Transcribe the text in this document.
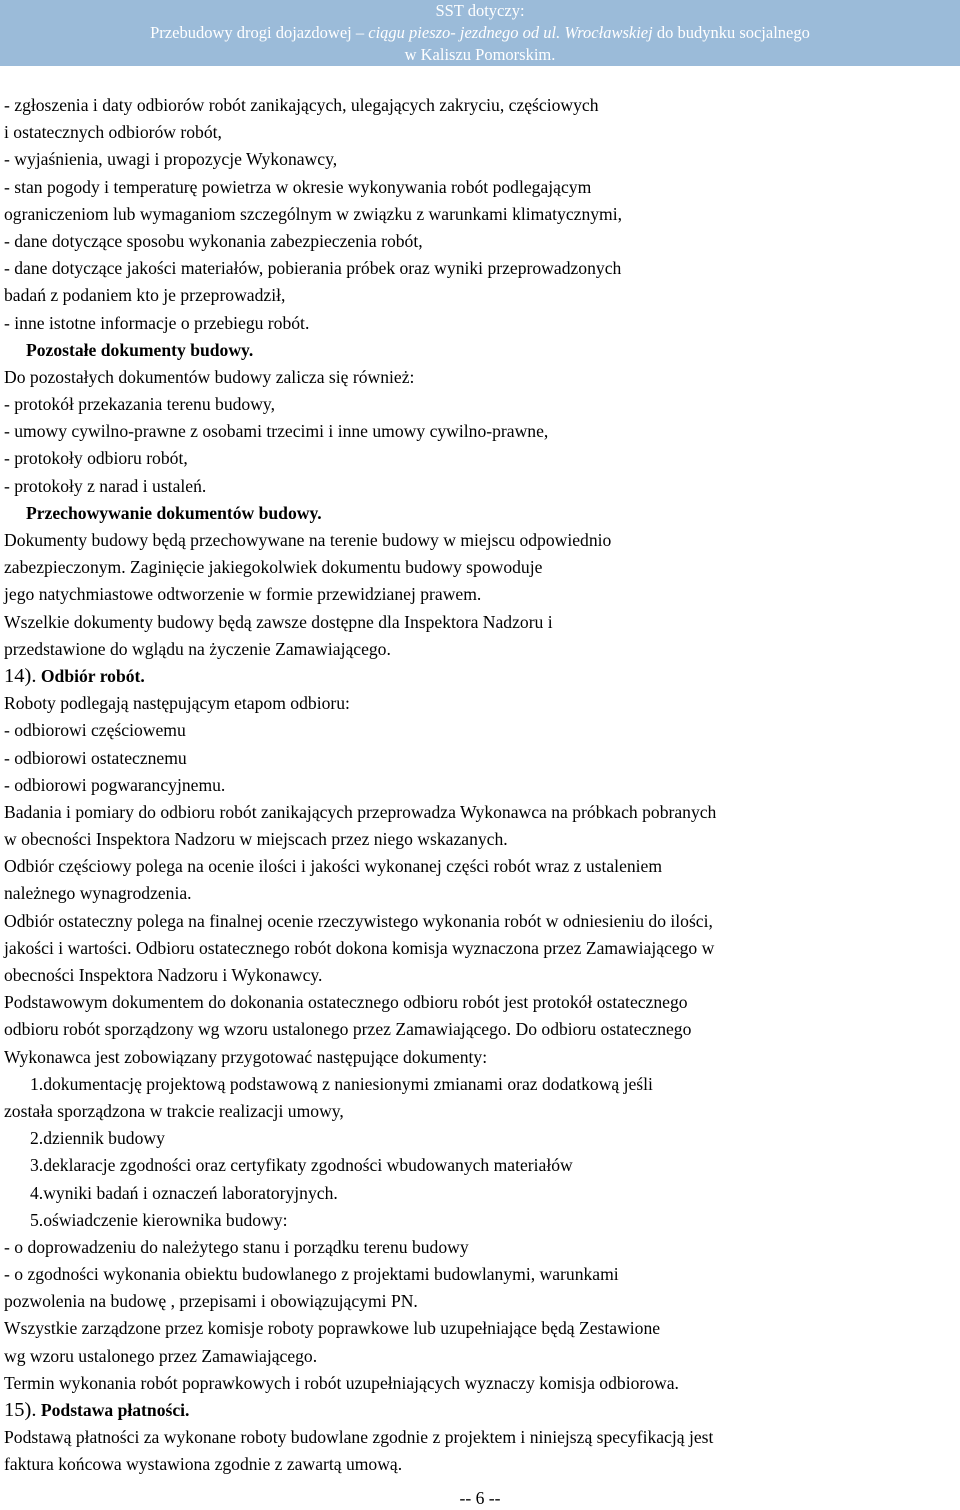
SST dotyczy:
Przebudowy drogi dojazdowej – ciągu pieszo- jezdnego od ul. Wrocławskiej do budynku socjalnego
w Kaliszu Pomorskim.
- zgłoszenia i daty odbiorów robót zanikających, ulegających zakryciu, częściowych
i ostatecznych odbiorów robót,
- wyjaśnienia, uwagi i propozycje Wykonawcy,
- stan pogody i temperaturę powietrza w okresie wykonywania robót podlegającym
ograniczeniom lub wymaganiom szczególnym w związku z warunkami klimatycznymi,
- dane dotyczące sposobu wykonania zabezpieczenia robót,
- dane dotyczące jakości materiałów, pobierania próbek oraz wyniki przeprowadzonych
badań z podaniem kto je przeprowadził,
- inne istotne informacje o przebiegu robót.
Pozostałe dokumenty budowy.
Do pozostałych dokumentów budowy zalicza się również:
- protokół przekazania terenu budowy,
- umowy cywilno-prawne z osobami trzecimi i inne umowy cywilno-prawne,
- protokoły odbioru robót,
- protokoły z narad i ustaleń.
Przechowywanie dokumentów budowy.
Dokumenty budowy będą przechowywane na terenie budowy w miejscu odpowiednio
zabezpieczonym. Zaginięcie jakiegokolwiek dokumentu budowy spowoduje
jego natychmiastowe odtworzenie w formie przewidzianej prawem.
Wszelkie dokumenty budowy będą zawsze dostępne dla Inspektora Nadzoru i
przedstawione do wglądu na życzenie Zamawiającego.
14). Odbiór robót.
Roboty podlegają następującym etapom odbioru:
- odbiorowi częściowemu
- odbiorowi ostatecznemu
- odbiorowi pogwarancyjnemu.
Badania i pomiary do odbioru robót zanikających przeprowadza Wykonawca na próbkach pobranych
w obecności Inspektora Nadzoru w miejscach przez niego wskazanych.
Odbiór częściowy polega na ocenie ilości i jakości wykonanej części robót wraz z ustaleniem
należnego wynagrodzenia.
Odbiór ostateczny polega na finalnej ocenie rzeczywistego wykonania robót w odniesieniu do ilości,
jakości i wartości. Odbioru ostatecznego robót dokona komisja wyznaczona przez Zamawiającego w
obecności Inspektora Nadzoru i Wykonawcy.
Podstawowym dokumentem do dokonania ostatecznego odbioru robót jest protokół ostatecznego
odbioru robót sporządzony wg wzoru ustalonego przez Zamawiającego. Do odbioru ostatecznego
Wykonawca jest zobowiązany przygotować następujące dokumenty:
1.dokumentację projektową podstawową z naniesionymi zmianami oraz dodatkową jeśli
została sporządzona w trakcie realizacji umowy,
2.dziennik budowy
3.deklaracje zgodności oraz certyfikaty zgodności wbudowanych materiałów
4.wyniki badań i oznaczeń laboratoryjnych.
5.oświadczenie kierownika budowy:
- o doprowadzeniu do należytego stanu i porządku terenu budowy
- o zgodności wykonania obiektu budowlanego z projektami budowlanymi, warunkami
pozwolenia na budowę , przepisami i obowiązującymi PN.
Wszystkie zarządzone przez komisje roboty poprawkowe lub uzupełniające będą Zestawione
wg wzoru ustalonego przez Zamawiającego.
Termin wykonania robót poprawkowych i robót uzupełniających wyznaczy komisja odbiorowa.
15). Podstawa płatności.
Podstawą płatności za wykonane roboty budowlane zgodnie z projektem i niniejszą specyfikacją jest
faktura końcowa wystawiona zgodnie z zawartą umową.
-- 6 --
